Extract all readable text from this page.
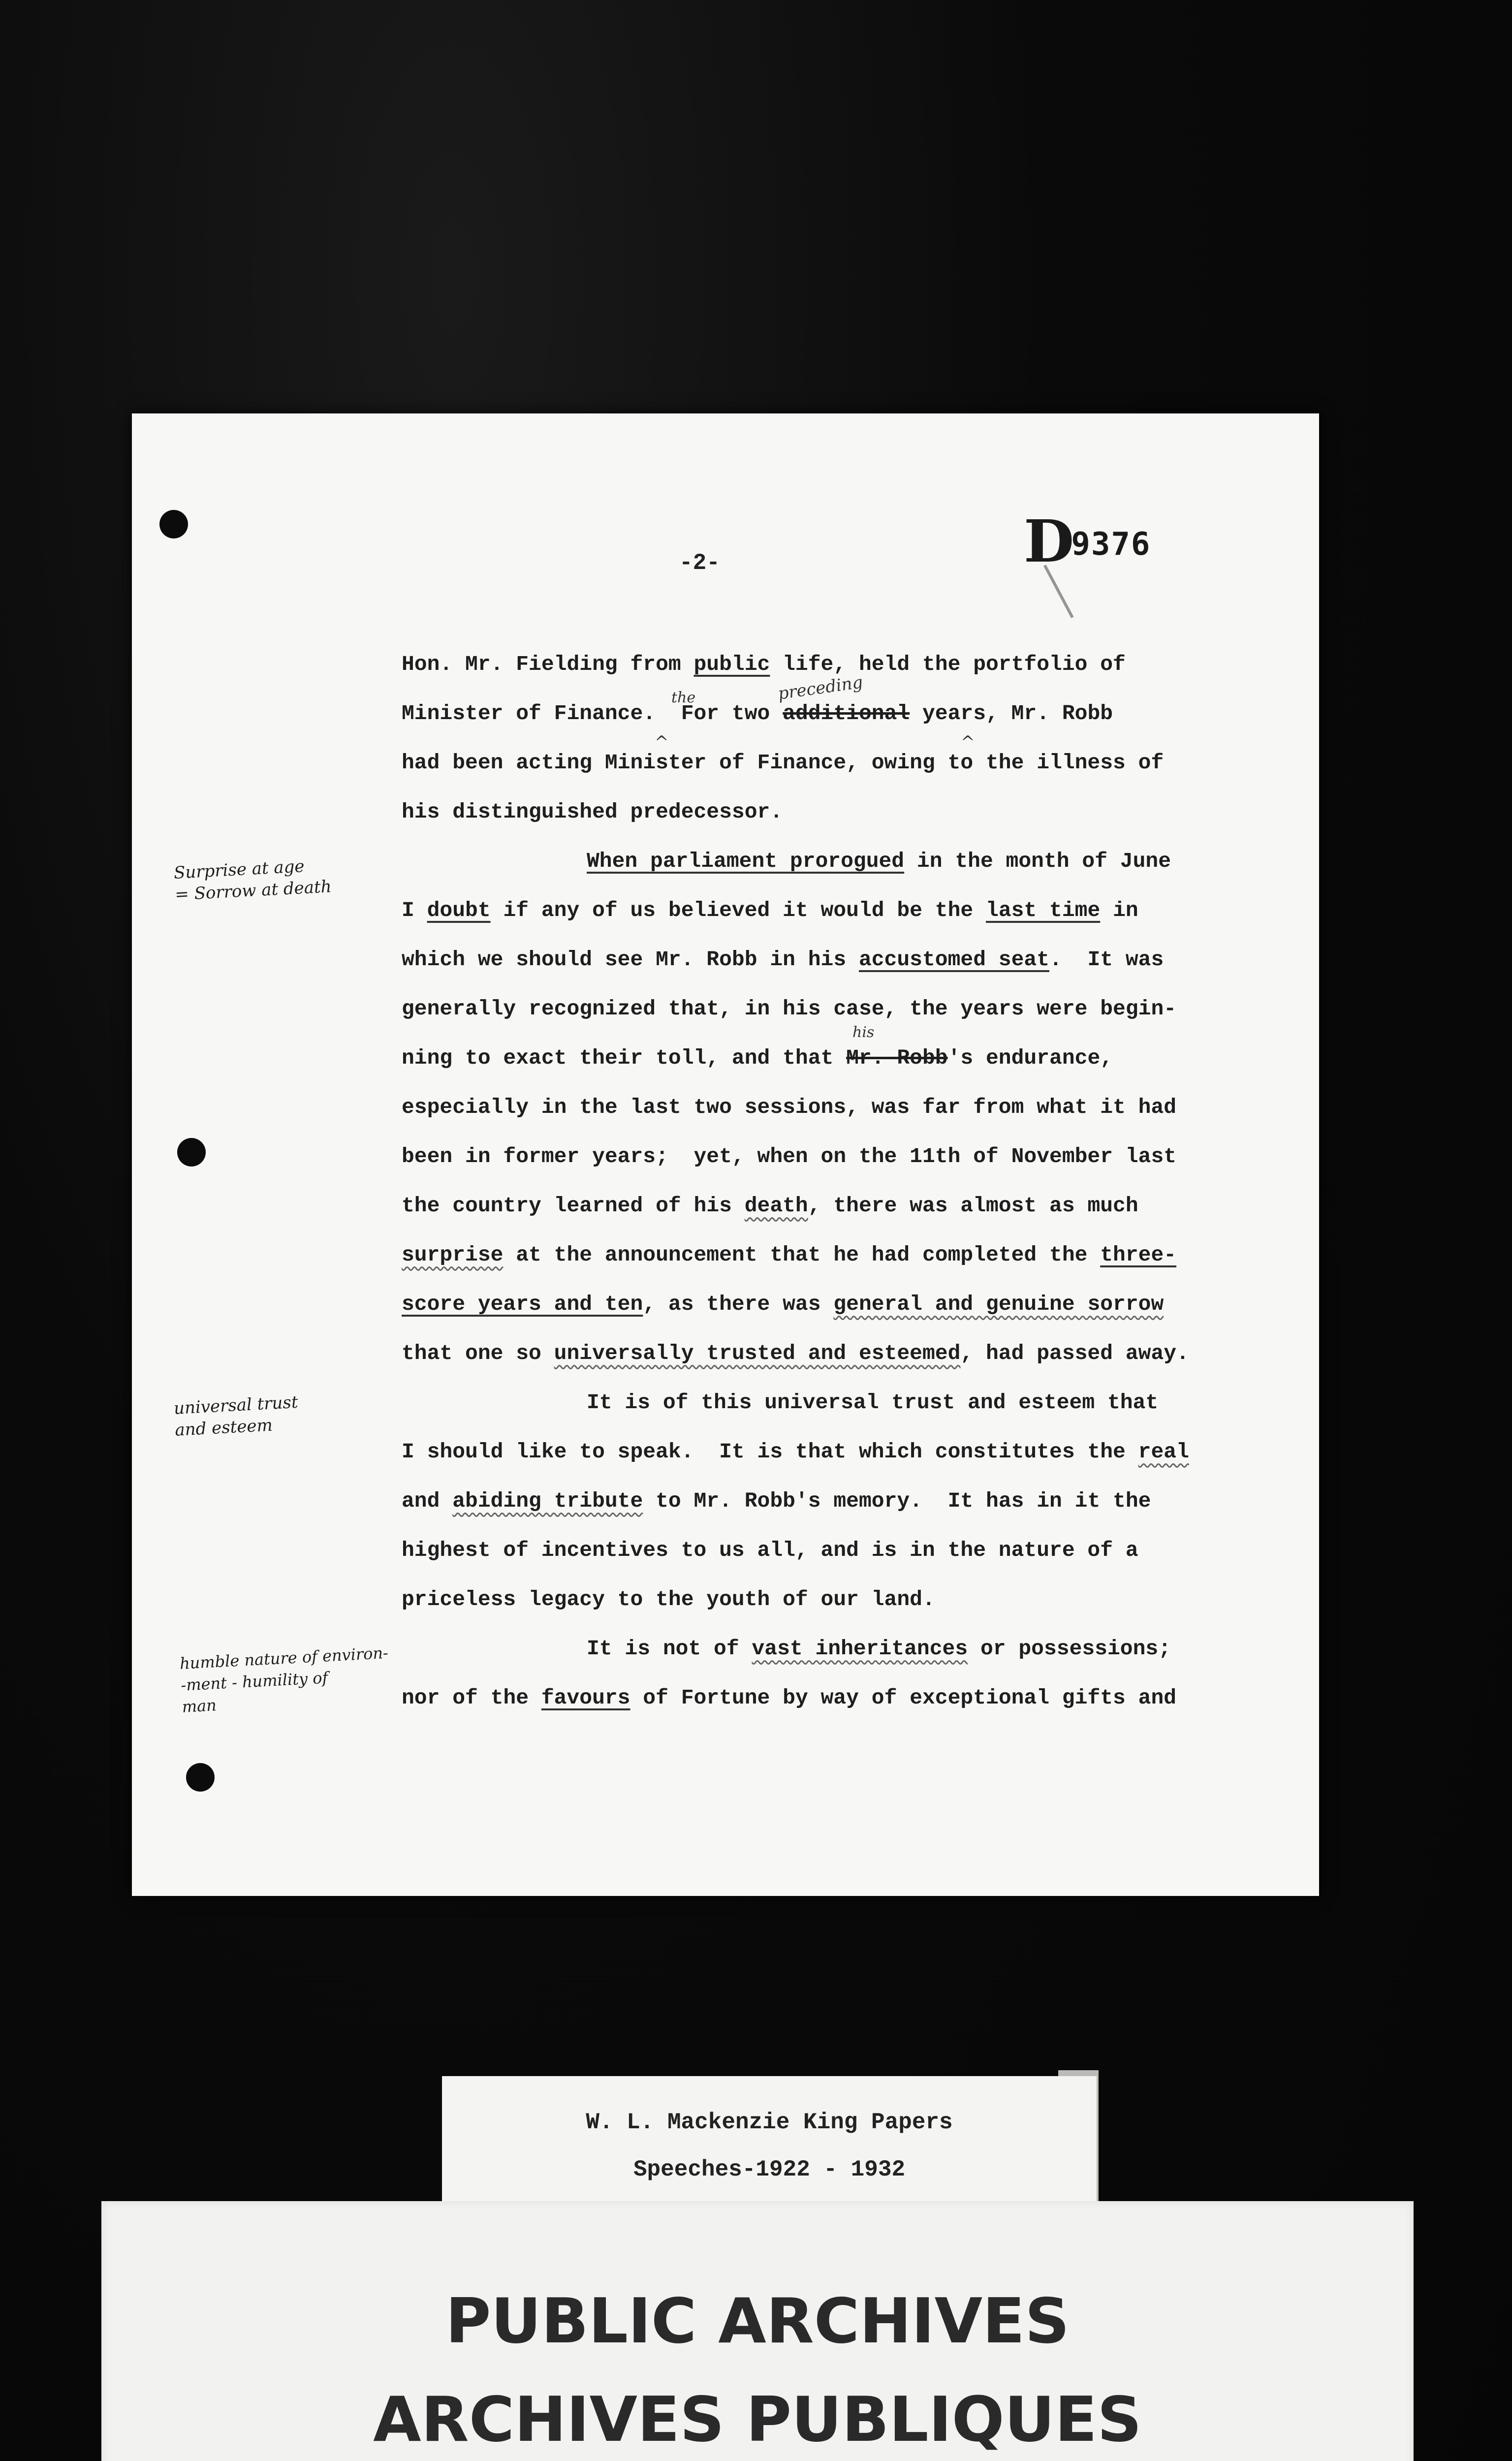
D9376
-2-
^
the	preceding
^
his
Hon. Mr. Fielding from public life, held the portfolio of
Minister of Finance.  For two additional years, Mr. Robb
had been acting Minister of Finance, owing to the illness of
his distinguished predecessor.
When parliament prorogued in the month of June
I doubt if any of us believed it would be the last time in
which we should see Mr. Robb in his accustomed seat.  It was
generally recognized that, in his case, the years were begin-
ning to exact their toll, and that Mr. Robb's endurance,
especially in the last two sessions, was far from what it had
been in former years;  yet, when on the 11th of November last
the country learned of his death, there was almost as much
surprise at the announcement that he had completed the three-
score years and ten, as there was general and genuine sorrow
that one so universally trusted and esteemed, had passed away.
It is of this universal trust and esteem that
I should like to speak.  It is that which constitutes the real
and abiding tribute to Mr. Robb's memory.  It has in it the
highest of incentives to us all, and is in the nature of a
priceless legacy to the youth of our land.
It is not of vast inheritances or possessions;
nor of the favours of Fortune by way of exceptional gifts and
Surprise at age
= Sorrow at death
universal trust
and esteem
humble nature of environ-
-ment - humility of
man
W. L. Mackenzie King Papers
Speeches-1922 - 1932
PUBLIC ARCHIVES
ARCHIVES PUBLIQUES
